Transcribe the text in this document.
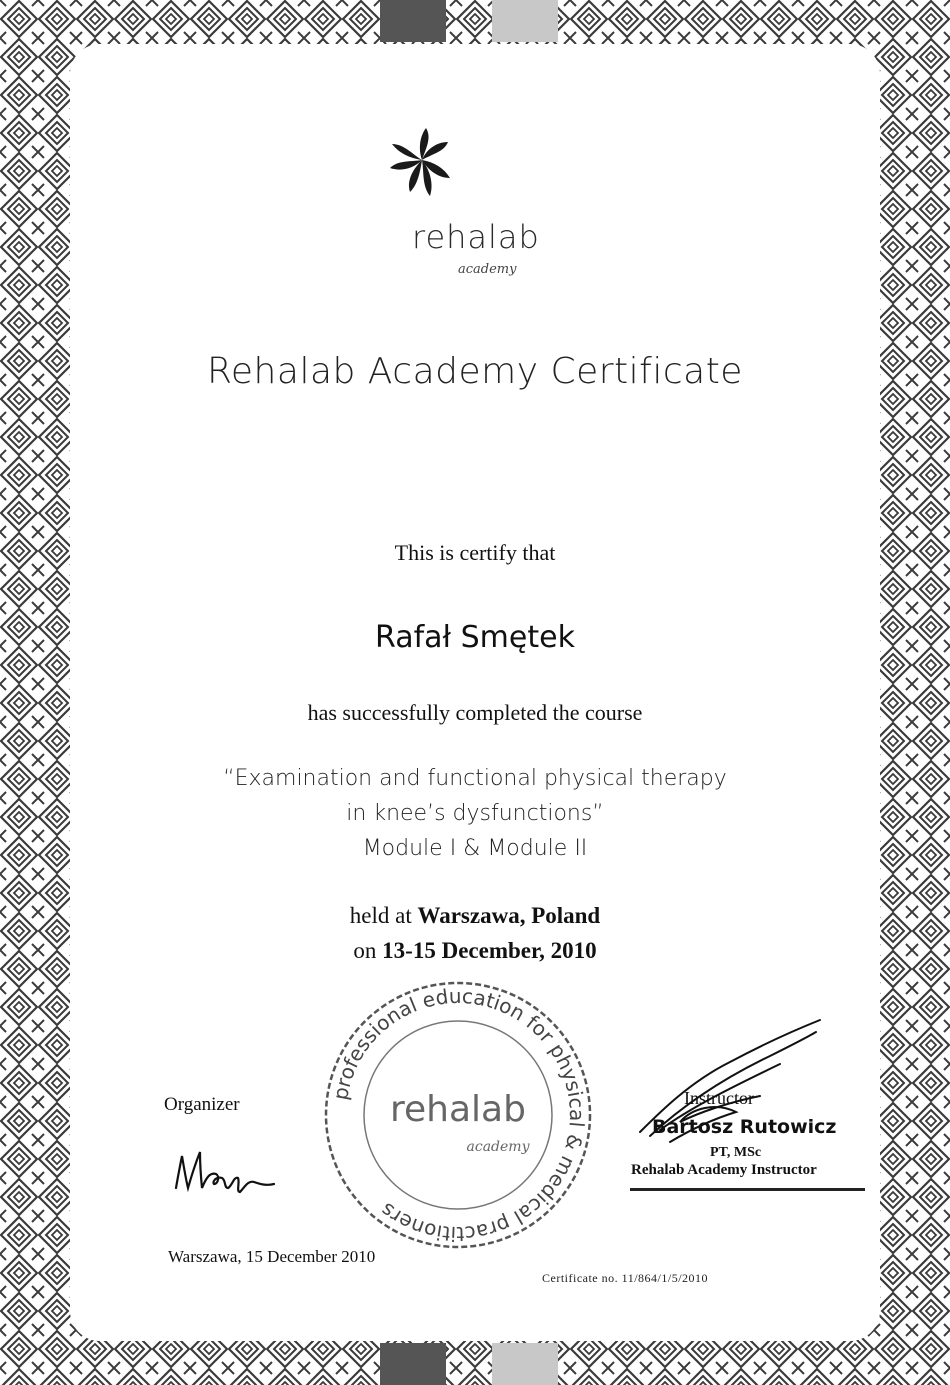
rehalab
academy
Rehalab Academy Certificate
This is certify that
Rafał Smętek
has successfully completed the course
“Examination and functional physical therapy
in knee’s dysfunctions”
Module I & Module II
held at Warszawa, Poland
on 13-15 December, 2010
professional education for physical & medical practitioners
rehalab
academy
Organizer
Warszawa, 15 December 2010
Instructor
Bartosz Rutowicz
PT, MSc
Rehalab Academy Instructor
Certificate no. 11/864/1/5/2010
